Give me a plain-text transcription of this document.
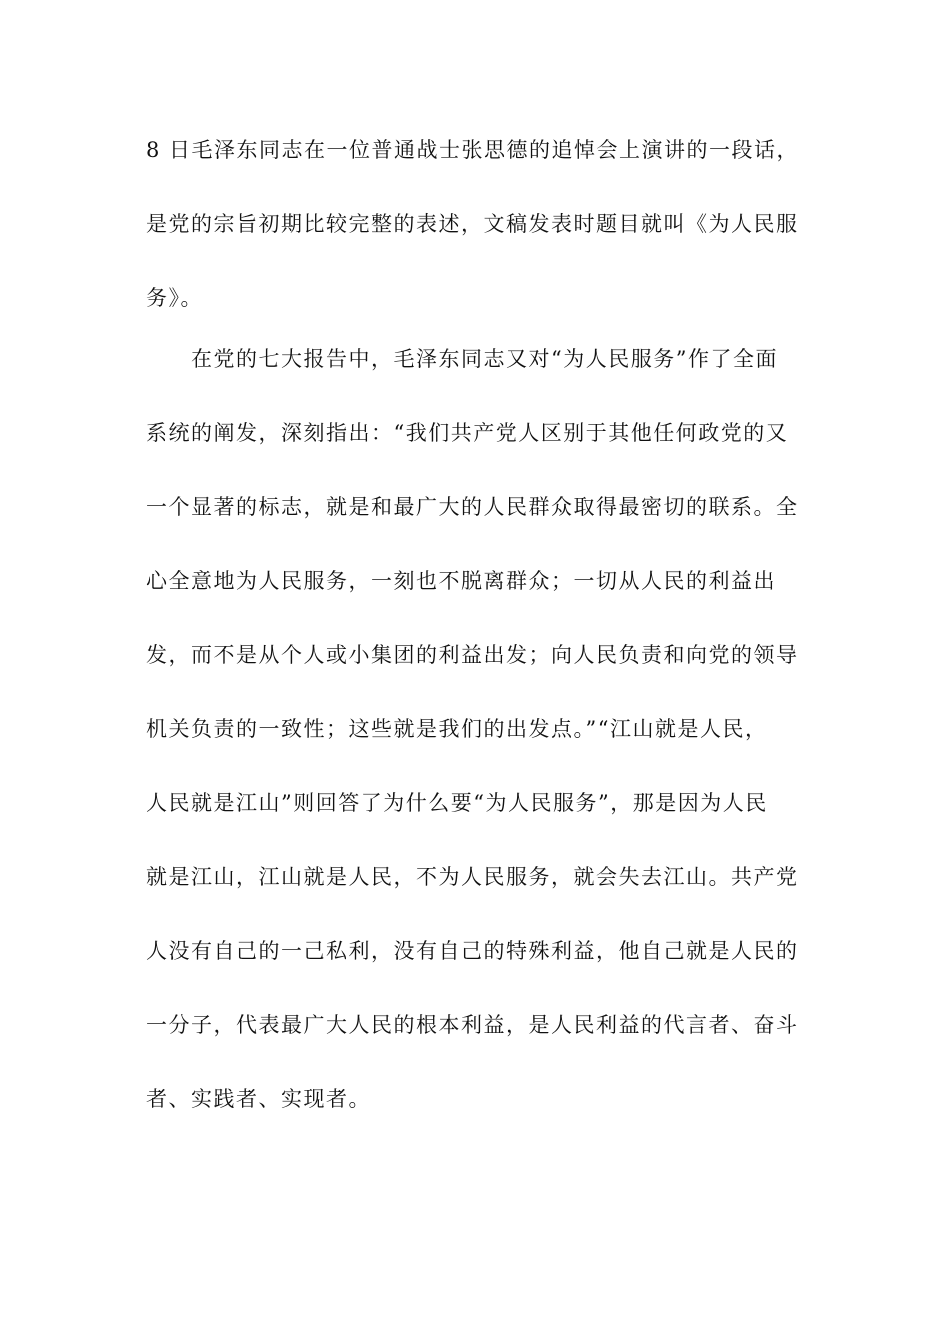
8 日毛泽东同志在一位普通战士张思德的追悼会上演讲的一段话，
是党的宗旨初期比较完整的表述，文稿发表时题目就叫《为人民服
务》。
在党的七大报告中，毛泽东同志又对“为人民服务”作了全面
系统的阐发，深刻指出：“我们共产党人区别于其他任何政党的又
一个显著的标志，就是和最广大的人民群众取得最密切的联系。全
心全意地为人民服务，一刻也不脱离群众；一切从人民的利益出
发，而不是从个人或小集团的利益出发；向人民负责和向党的领导
机关负责的一致性；这些就是我们的出发点。”“江山就是人民，
人民就是江山”则回答了为什么要“为人民服务”，那是因为人民
就是江山，江山就是人民，不为人民服务，就会失去江山。共产党
人没有自己的一己私利，没有自己的特殊利益，他自己就是人民的
一分子，代表最广大人民的根本利益，是人民利益的代言者、奋斗
者、实践者、实现者。
